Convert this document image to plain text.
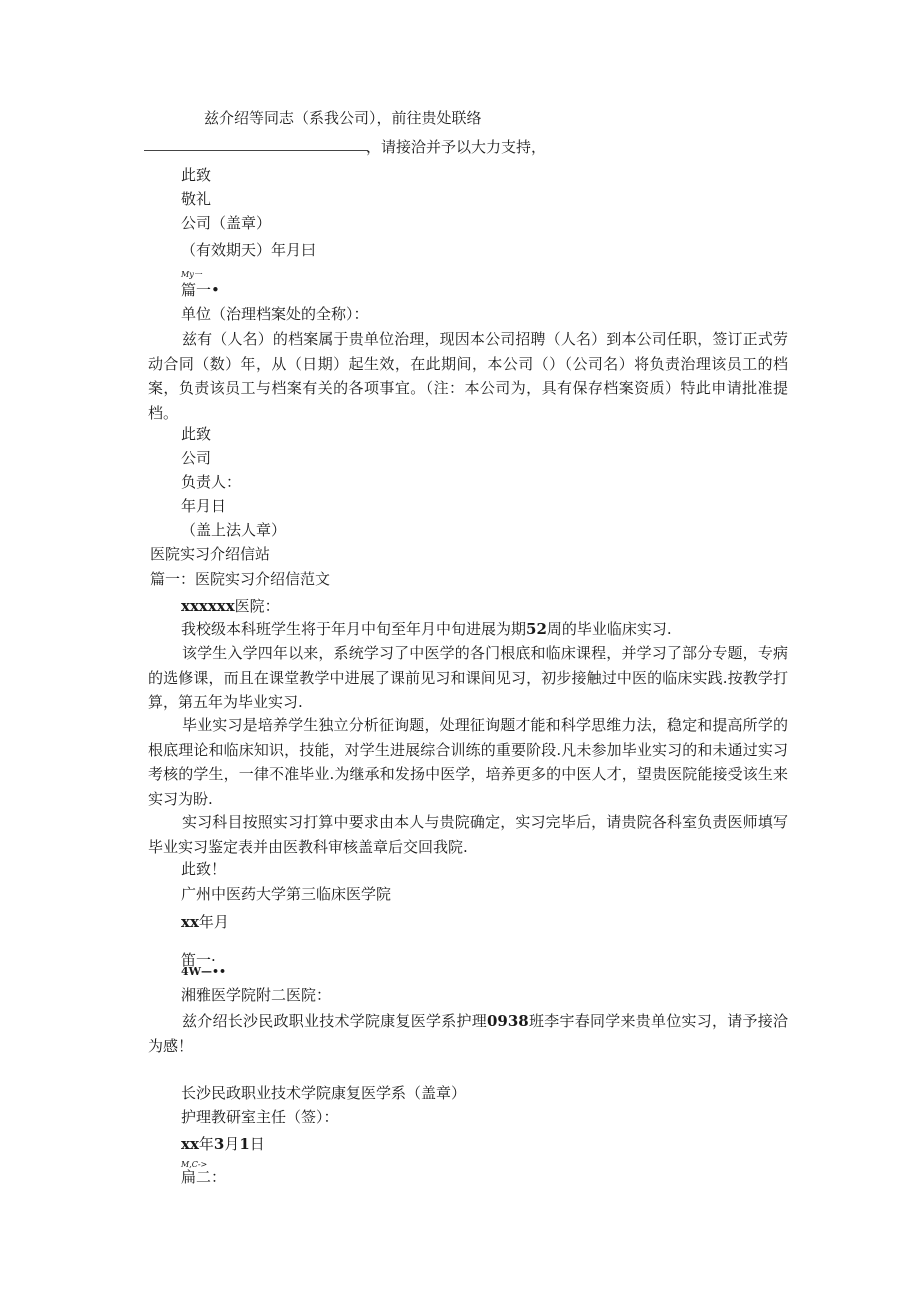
兹介绍等同志（系我公司），前往贵处联络

，请接洽并予以大力支持，

此致

敬礼

公司（盖章）

（有效期天）年月曰

My一

篇一•

单位（治理档案处的全称）：

兹有（人名）的档案属于贵单位治理，现因本公司招聘（人名）到本公司任职，签订正式劳动合同（数）年，从（日期）起生效，在此期间，本公司（）（公司名）将负责治理该员工的档案，负责该员工与档案有关的各项事宜。（注：本公司为，具有保存档案资质）特此申请批准提档。

此致

公司

负责人：

年月日

（盖上法人章）

医院实习介绍信站

篇一：医院实习介绍信范文

xxxxxx医院：

我校级本科班学生将于年月中旬至年月中旬进展为期52周的毕业临床实习.

该学生入学四年以来，系统学习了中医学的各门根底和临床课程，并学习了部分专题，专病的选修课，而且在课堂教学中进展了课前见习和课间见习，初步接触过中医的临床实践.按教学打算，第五年为毕业实习.

毕业实习是培养学生独立分析征询题，处理征询题才能和科学思维力法，稳定和提高所学的根底理论和临床知识，技能，对学生进展综合训练的重要阶段.凡未参加毕业实习的和未通过实习考核的学生，一律不准毕业.为继承和发扬中医学，培养更多的中医人才，望贵医院能接受该生来实习为盼.

实习科目按照实习打算中要求由本人与贵院确定，实习完毕后，请贵院各科室负责医师填写毕业实习鉴定表并由医教科审核盖章后交回我院.

此致！

广州中医药大学第三临床医学院

xx年月

笛一·

4W—••

湘雅医学院附二医院：

兹介绍长沙民政职业技术学院康复医学系护理0938班李宇春同学来贵单位实习，请予接洽为感！

长沙民政职业技术学院康复医学系（盖章）

护理教研室主任（签）：

xx年3月1日

M,C->

扁二：
